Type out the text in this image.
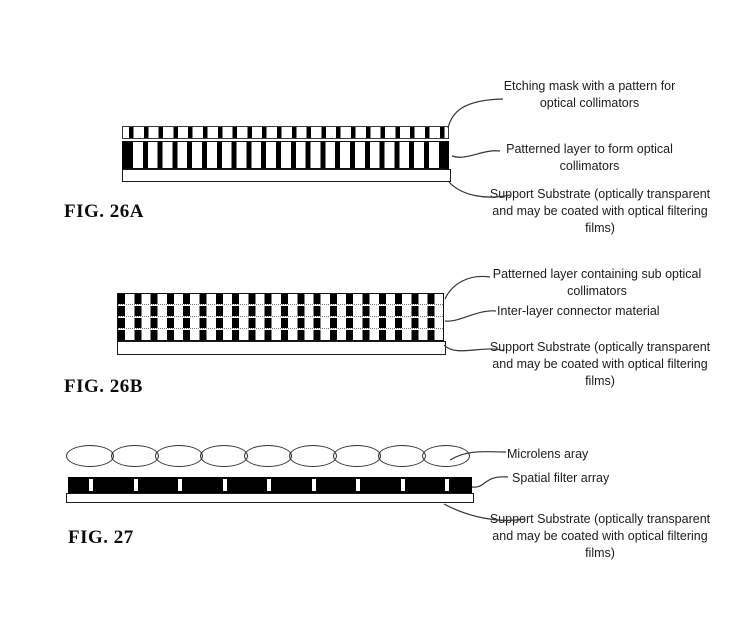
Etching mask with a pattern for optical collimators
Patterned layer to form optical collimators
Support Substrate (optically transparent and may be coated with optical filtering films)
FIG. 26A
Patterned layer containing sub optical collimators
Inter-layer connector material
Support Substrate (optically transparent and may be coated with optical filtering films)
FIG. 26B
Microlens aray
Spatial filter array
Support Substrate (optically transparent and may be coated with optical filtering films)
FIG. 27
